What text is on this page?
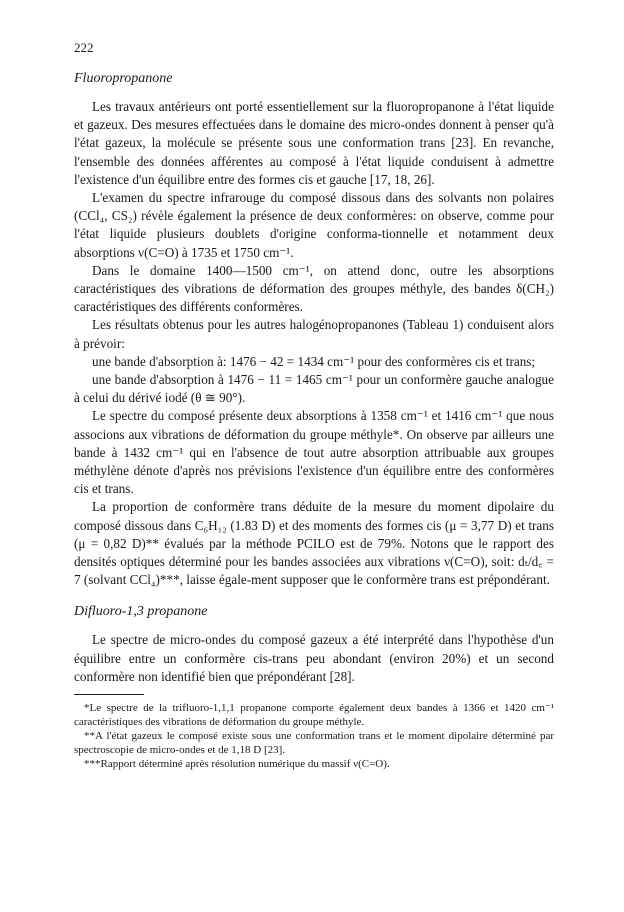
222
Fluoropropanone

Les travaux antérieurs ont porté essentiellement sur la fluoropropanone à l'état liquide et gazeux. Des mesures effectuées dans le domaine des micro-ondes donnent à penser qu'à l'état gazeux, la molécule se présente sous une conformation trans [23]. En revanche, l'ensemble des données afférentes au composé à l'état liquide conduisent à admettre l'existence d'un équilibre entre des formes cis et gauche [17, 18, 26].

L'examen du spectre infrarouge du composé dissous dans des solvants non polaires (CCl₄, CS₂) révèle également la présence de deux conformères: on observe, comme pour l'état liquide plusieurs doublets d'origine conforma-tionnelle et notamment deux absorptions ν(C=O) à 1735 et 1750 cm⁻¹.

Dans le domaine 1400—1500 cm⁻¹, on attend donc, outre les absorptions caractéristiques des vibrations de déformation des groupes méthyle, des bandes δ(CH₂) caractéristiques des différents conformères.

Les résultats obtenus pour les autres halogénopropanones (Tableau 1) conduisent alors à prévoir:

une bande d'absorption à: 1476 − 42 = 1434 cm⁻¹ pour des conformères cis et trans;

une bande d'absorption à 1476 − 11 = 1465 cm⁻¹ pour un conformère gauche analogue à celui du dérivé iodé (θ ≅ 90°).

Le spectre du composé présente deux absorptions à 1358 cm⁻¹ et 1416 cm⁻¹ que nous associons aux vibrations de déformation du groupe méthyle*. On observe par ailleurs une bande à 1432 cm⁻¹ qui en l'absence de tout autre absorption attribuable aux groupes méthylène dénote d'après nos prévisions l'existence d'un équilibre entre des conformères cis et trans.

La proportion de conformère trans déduite de la mesure du moment dipolaire du composé dissous dans C₆H₁₂ (1.83 D) et des moments des formes cis (μ = 3,77 D) et trans (μ = 0,82 D)** évalués par la méthode PCILO est de 79%. Notons que le rapport des densités optiques déterminé pour les bandes associées aux vibrations ν(C=O), soit: dₜ/d꜀ = 7 (solvant CCl₄)***, laisse égale-ment supposer que le conformère trans est prépondérant.

Difluoro-1,3 propanone

Le spectre de micro-ondes du composé gazeux a été interprété dans l'hypothèse d'un équilibre entre un conformère cis-trans peu abondant (environ 20%) et un second conformère non identifié bien que prépondérant [28].

*Le spectre de la trifluoro-1,1,1 propanone comporte également deux bandes à 1366 et 1420 cm⁻¹ caractéristiques des vibrations de déformation du groupe méthyle.

**A l'état gazeux le composé existe sous une conformation trans et le moment dipolaire déterminé par spectroscopie de micro-ondes et de 1,18 D [23].

***Rapport déterminé après résolution numérique du massif ν(C=O).
